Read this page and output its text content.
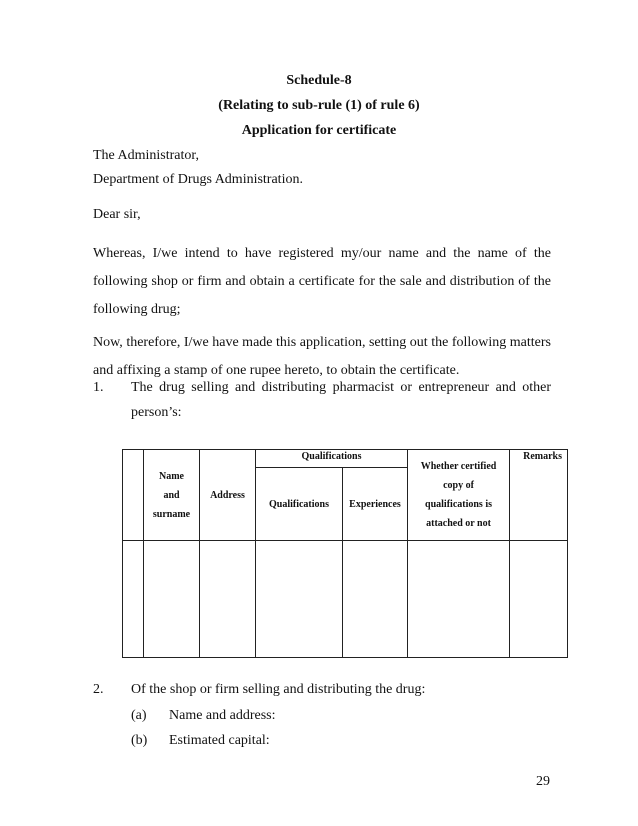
Schedule-8
(Relating to sub-rule (1) of rule 6)
Application for certificate
The Administrator,
Department of Drugs Administration.
Dear sir,
Whereas, I/we intend to have registered my/our name and the name of the following shop or firm and obtain a certificate for the sale and distribution of the following drug;
Now, therefore, I/we have made this application, setting out the following matters and affixing a stamp of one rupee hereto, to obtain the certificate.
1. The drug selling and distributing pharmacist or entrepreneur and other
person’s:

	Name
and
surname	Address	Qualifications		Whether certified
copy of
qualifications is
attached or not	Remarks
			Qualifications	Experiences		

2. Of the shop or firm selling and distributing the drug:
(a) Name and address:
(b) Estimated capital:
29
